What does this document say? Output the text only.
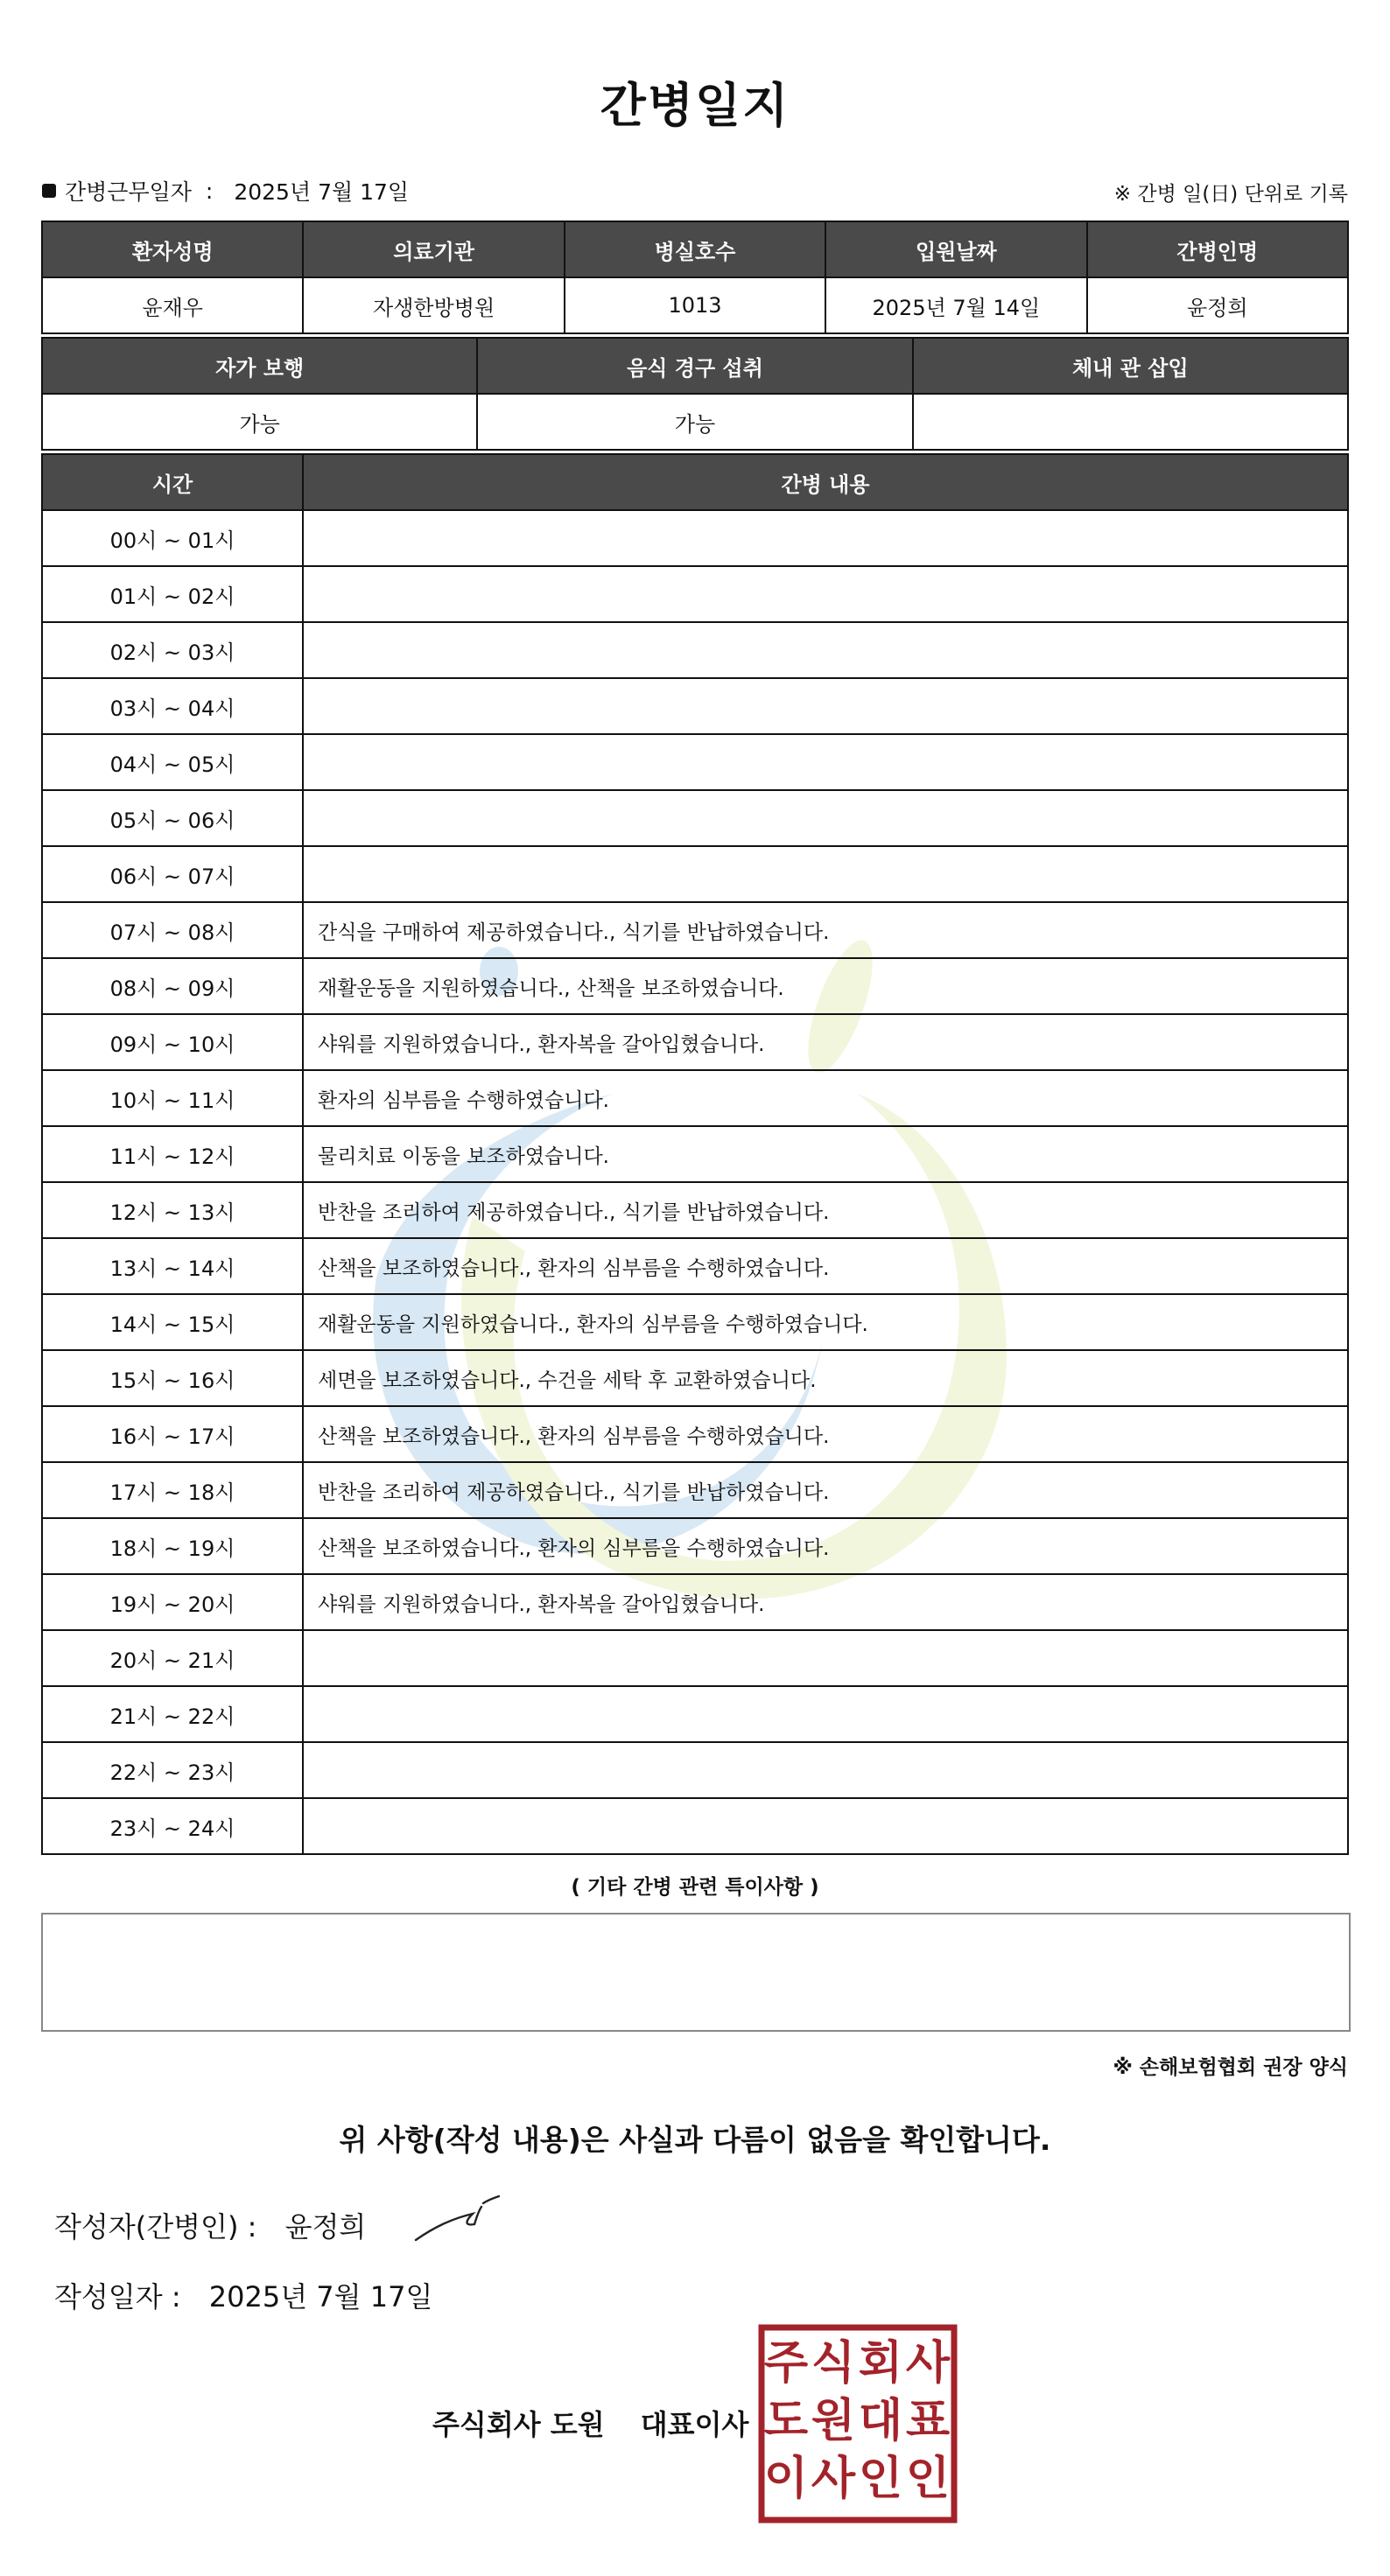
간병일지
간병근무일자 : 2025년 7월 17일	※ 간병 일(日) 단위로 기록
환자성명	의료기관	병실호수	입원날짜	간병인명
윤재우	자생한방병원	1013	2025년 7월 14일	윤정희
자가 보행	음식 경구 섭취	체내 관 삽입
가능	가능	
시간	간병 내용
00시 ~ 01시	
01시 ~ 02시	
02시 ~ 03시	
03시 ~ 04시	
04시 ~ 05시	
05시 ~ 06시	
06시 ~ 07시	
07시 ~ 08시	간식을 구매하여 제공하였습니다., 식기를 반납하였습니다.
08시 ~ 09시	재활운동을 지원하였습니다., 산책을 보조하였습니다.
09시 ~ 10시	샤워를 지원하였습니다., 환자복을 갈아입혔습니다.
10시 ~ 11시	환자의 심부름을 수행하였습니다.
11시 ~ 12시	물리치료 이동을 보조하였습니다.
12시 ~ 13시	반찬을 조리하여 제공하였습니다., 식기를 반납하였습니다.
13시 ~ 14시	산책을 보조하였습니다., 환자의 심부름을 수행하였습니다.
14시 ~ 15시	재활운동을 지원하였습니다., 환자의 심부름을 수행하였습니다.
15시 ~ 16시	세면을 보조하였습니다., 수건을 세탁 후 교환하였습니다.
16시 ~ 17시	산책을 보조하였습니다., 환자의 심부름을 수행하였습니다.
17시 ~ 18시	반찬을 조리하여 제공하였습니다., 식기를 반납하였습니다.
18시 ~ 19시	산책을 보조하였습니다., 환자의 심부름을 수행하였습니다.
19시 ~ 20시	샤워를 지원하였습니다., 환자복을 갈아입혔습니다.
20시 ~ 21시	
21시 ~ 22시	
22시 ~ 23시	
23시 ~ 24시	
( 기타 간병 관련 특이사항 )
※ 손해보험협회 권장 양식
위 사항(작성 내용)은 사실과 다름이 없음을 확인합니다.
작성자(간병인) : 윤정희
작성일자 : 2025년 7월 17일
주식회사 도원 대표이사
주 식 회 사
도 원 대 표
이 사 인 인
